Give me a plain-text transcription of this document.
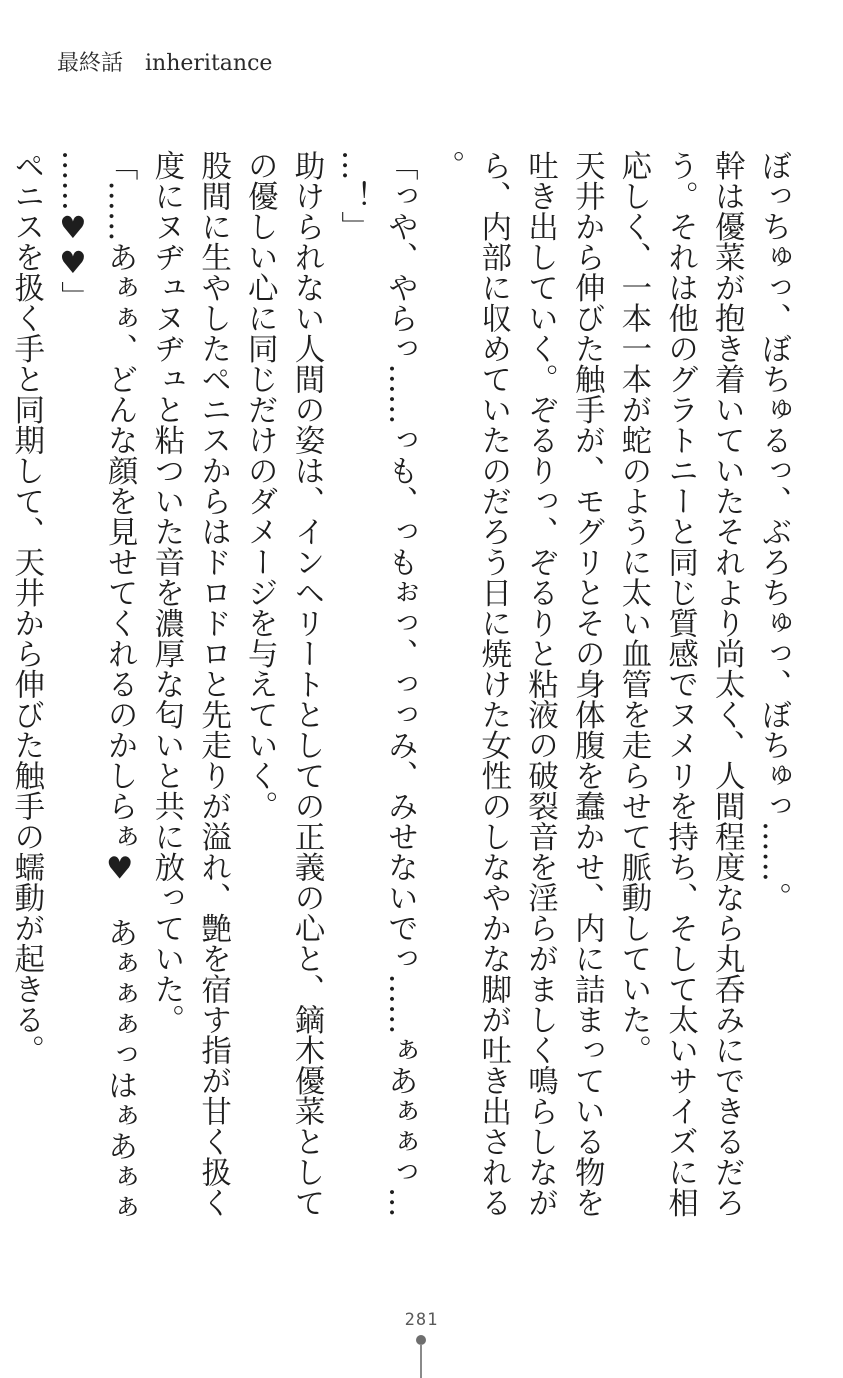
最終話　inheritance

ぼっちゅっ、ぼちゅるっ、ぶろちゅっ、ぼちゅっ……。

幹は優菜が抱き着いていたそれより尚太く、人間程度なら丸呑みにできるだろう。それは他のグラトニーと同じ質感でヌメリを持ち、そして太いサイズに相応しく、一本一本が蛇のように太い血管を走らせて脈動していた。

天井から伸びた触手が、モグリとその身体腹を蠢かせ、内に詰まっている物を吐き出していく。ぞるりっ、ぞるりと粘液の破裂音を淫らがましく鳴らしながら、内部に収めていたのだろう日に焼けた女性のしなやかな脚が吐き出される。

「っや、やらっ……っも、っもぉっ、っっみ、みせないでっ……ぁあぁぁっ……！」

助けられない人間の姿は、インヘリートとしての正義の心と、鏑木優菜としての優しい心に同じだけのダメージを与えていく。

股間に生やしたペニスからはドロドロと先走りが溢れ、艶を宿す指が甘く扱く度にヌヂュヌヂュと粘ついた音を濃厚な匂いと共に放っていた。

「……あぁぁ、どんな顔を見せてくれるのかしらぁ♥　あぁぁぁっはぁあぁぁ……♥♥」

ペニスを扱く手と同期して、天井から伸びた触手の蠕動が起きる。

281
